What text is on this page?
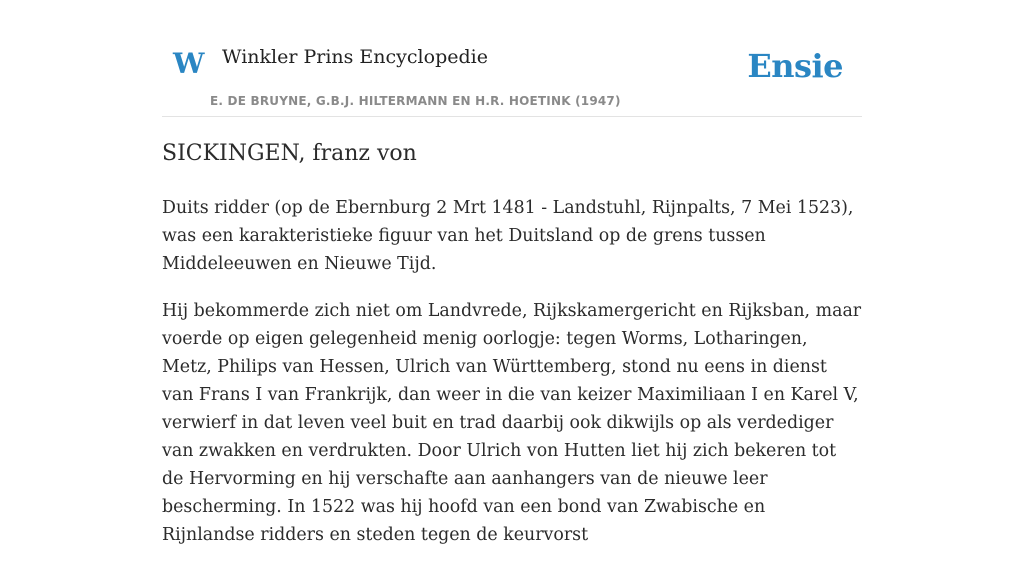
W Winkler Prins Encyclopedie
E. DE BRUYNE, G.B.J. HILTERMANN EN H.R. HOETINK (1947)
Ensie
SICKINGEN, franz von

Duits ridder (op de Ebernburg 2 Mrt 1481 - Landstuhl, Rijnpalts, 7 Mei 1523), was een karakteristieke figuur van het Duitsland op de grens tussen Middeleeuwen en Nieuwe Tijd.

Hij bekommerde zich niet om Landvrede, Rijkskamergericht en Rijksban, maar voerde op eigen gelegenheid menig oorlogje: tegen Worms, Lotharingen, Metz, Philips van Hessen, Ulrich van Württemberg, stond nu eens in dienst van Frans I van Frankrijk, dan weer in die van keizer Maximiliaan I en Karel V, verwierf in dat leven veel buit en trad daarbij ook dikwijls op als verdediger van zwakken en verdrukten. Door Ulrich von Hutten liet hij zich bekeren tot de Hervorming en hij verschafte aan aanhangers van de nieuwe leer bescherming. In 1522 was hij hoofd van een bond van Zwabische en Rijnlandse ridders en steden tegen de keurvorst
